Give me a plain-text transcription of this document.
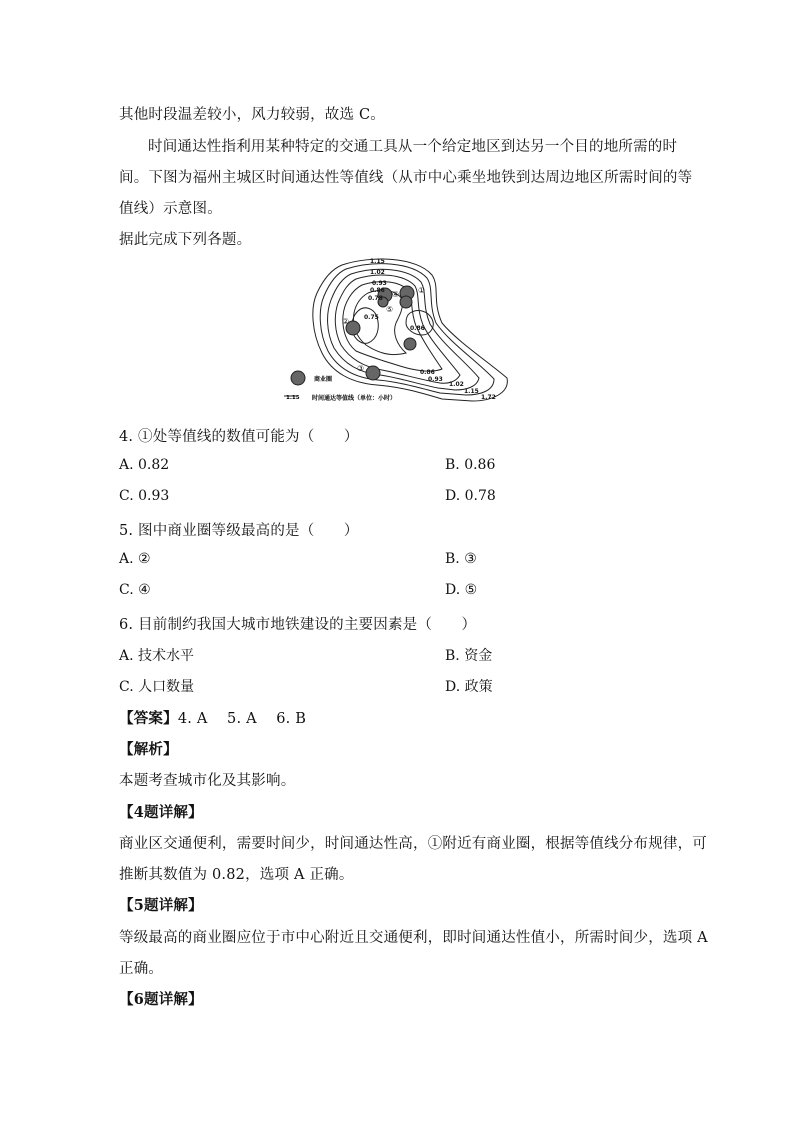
其他时段温差较小，风力较弱，故选 C。
时间通达性指利用某种特定的交通工具从一个给定地区到达另一个目的地所需的时
间。下图为福州主城区时间通达性等值线（从市中心乘坐地铁到达周边地区所需时间的等
值线）示意图。
据此完成下列各题。
1.15
1.02
0.93
0.86
0.78
0.75
0.86
0.86
0.93
1.02
1.15
1.72
①
②
③
④
⑤
商业圈
1.15 时间通达等值线（单位：小时）
4. ①处等值线的数值可能为（　　）
A. 0.82	B. 0.86
C. 0.93	D. 0.78
5. 图中商业圈等级最高的是（　　）
A. ②	B. ③
C. ④	D. ⑤
6. 目前制约我国大城市地铁建设的主要因素是（　　）
A. 技术水平	B. 资金
C. 人口数量	D. 政策
【答案】4. A　 5. A　 6. B
【解析】
本题考查城市化及其影响。
【4题详解】
商业区交通便利，需要时间少，时间通达性高，①附近有商业圈，根据等值线分布规律，可
推断其数值为 0.82，选项 A 正确。
【5题详解】
等级最高的商业圈应位于市中心附近且交通便利，即时间通达性值小，所需时间少，选项 A
正确。
【6题详解】
